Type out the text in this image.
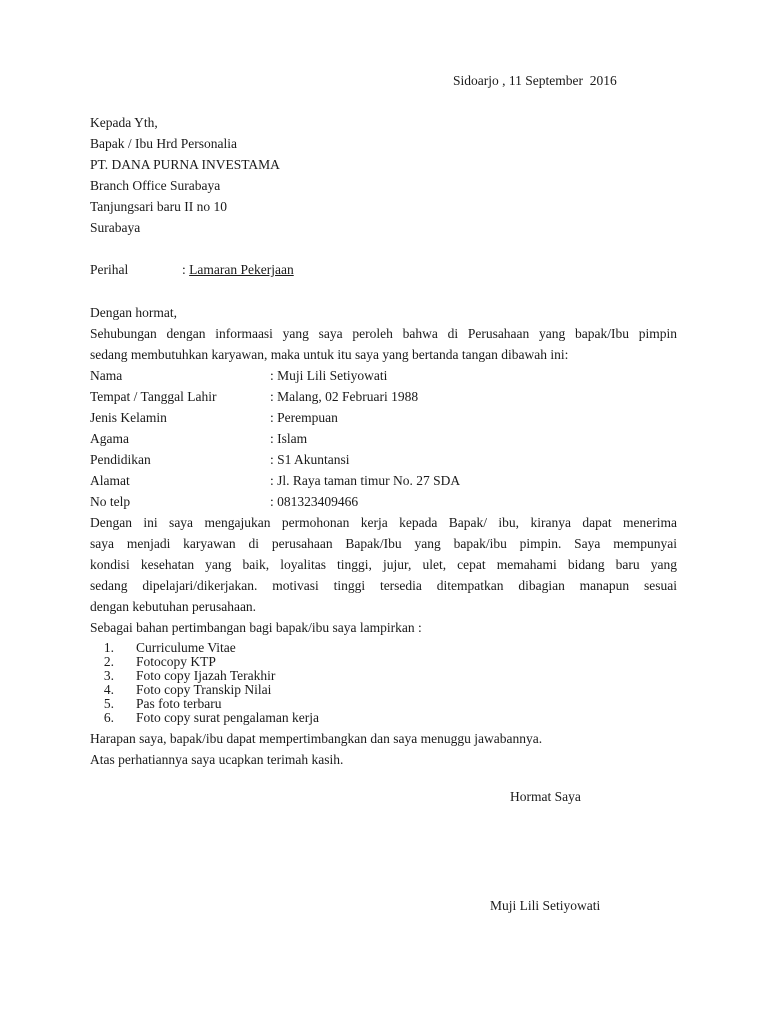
Sidoarjo , 11 September  2016
Kepada Yth,
Bapak / Ibu Hrd Personalia
PT. DANA PURNA INVESTAMA
Branch Office Surabaya
Tanjungsari baru II no 10
Surabaya
Perihal	: Lamaran Pekerjaan
Dengan hormat,
Sehubungan dengan informaasi yang saya peroleh bahwa di Perusahaan yang bapak/Ibu pimpin
sedang membutuhkan karyawan, maka untuk itu saya yang bertanda tangan dibawah ini:
Nama	: Muji Lili Setiyowati
Tempat / Tanggal Lahir	: Malang, 02 Februari 1988
Jenis Kelamin	: Perempuan
Agama	: Islam
Pendidikan	: S1 Akuntansi
Alamat	: Jl. Raya taman timur No. 27 SDA
No telp	: 081323409466
Dengan ini saya mengajukan permohonan kerja kepada Bapak/ ibu, kiranya dapat menerima
saya menjadi karyawan di perusahaan Bapak/Ibu yang bapak/ibu pimpin. Saya mempunyai
kondisi kesehatan yang baik, loyalitas tinggi, jujur, ulet, cepat memahami bidang baru yang
sedang dipelajari/dikerjakan. motivasi tinggi tersedia ditempatkan dibagian manapun sesuai
dengan kebutuhan perusahaan.
Sebagai bahan pertimbangan bagi bapak/ibu saya lampirkan :
1. Curriculume Vitae
2. Fotocopy KTP
3. Foto copy Ijazah Terakhir
4. Foto copy Transkip Nilai
5. Pas foto terbaru
6. Foto copy surat pengalaman kerja
Harapan saya, bapak/ibu dapat mempertimbangkan dan saya menuggu jawabannya.
Atas perhatiannya saya ucapkan terimah kasih.
Hormat Saya
Muji Lili Setiyowati
